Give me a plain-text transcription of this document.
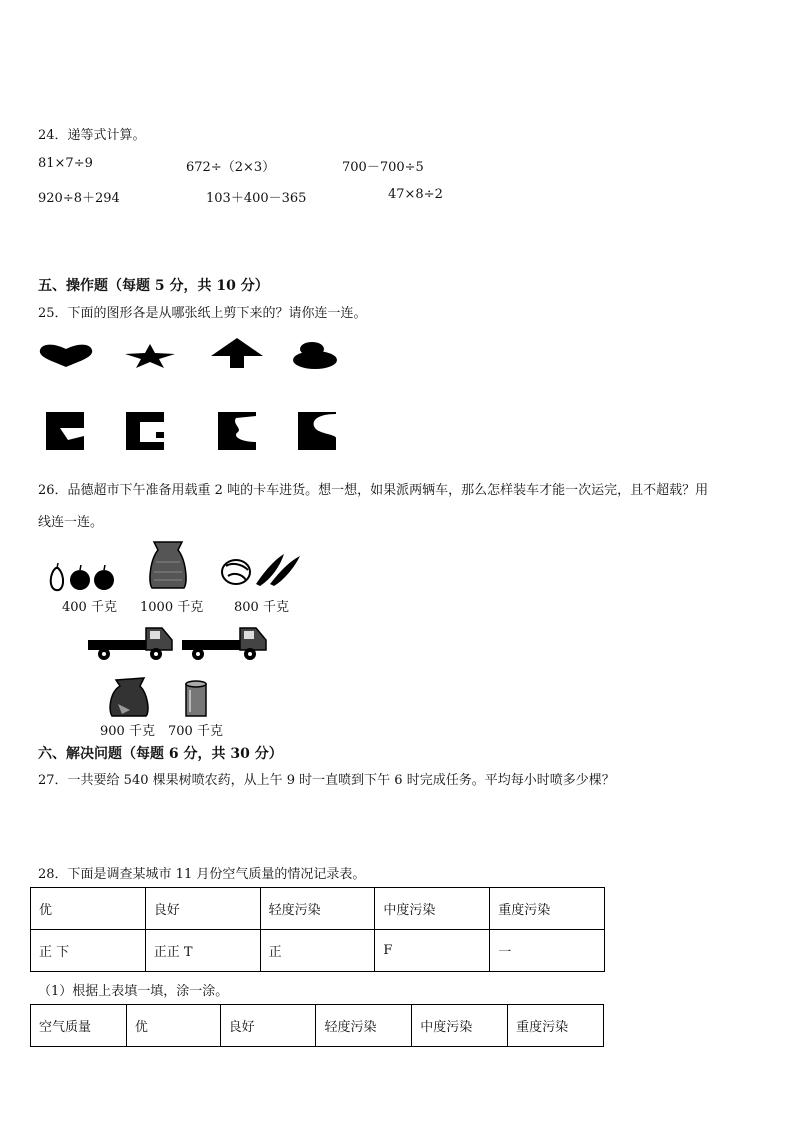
24．递等式计算。
81×7÷9	672÷（2×3）	700－700÷5
920÷8＋294	103＋400－365	47×8÷2
五、操作题（每题 5 分，共 10 分）
25．下面的图形各是从哪张纸上剪下来的？请你连一连。
26．品德超市下午准备用载重 2 吨的卡车进货。想一想，如果派两辆车，那么怎样装车才能一次运完，且不超载？用
线连一连。
400 千克 1000 千克 800 千克
900 千克 700 千克
六、解决问题（每题 6 分，共 30 分）
27．一共要给 540 棵果树喷农药，从上午 9 时一直喷到下午 6 时完成任务。平均每小时喷多少棵？
28．下面是调查某城市 11 月份空气质量的情况记录表。
优	良好	轻度污染	中度污染	重度污染
正 下	正正 T	正	F	一
（1）根据上表填一填，涂一涂。
空气质量	优	良好	轻度污染	中度污染	重度污染
